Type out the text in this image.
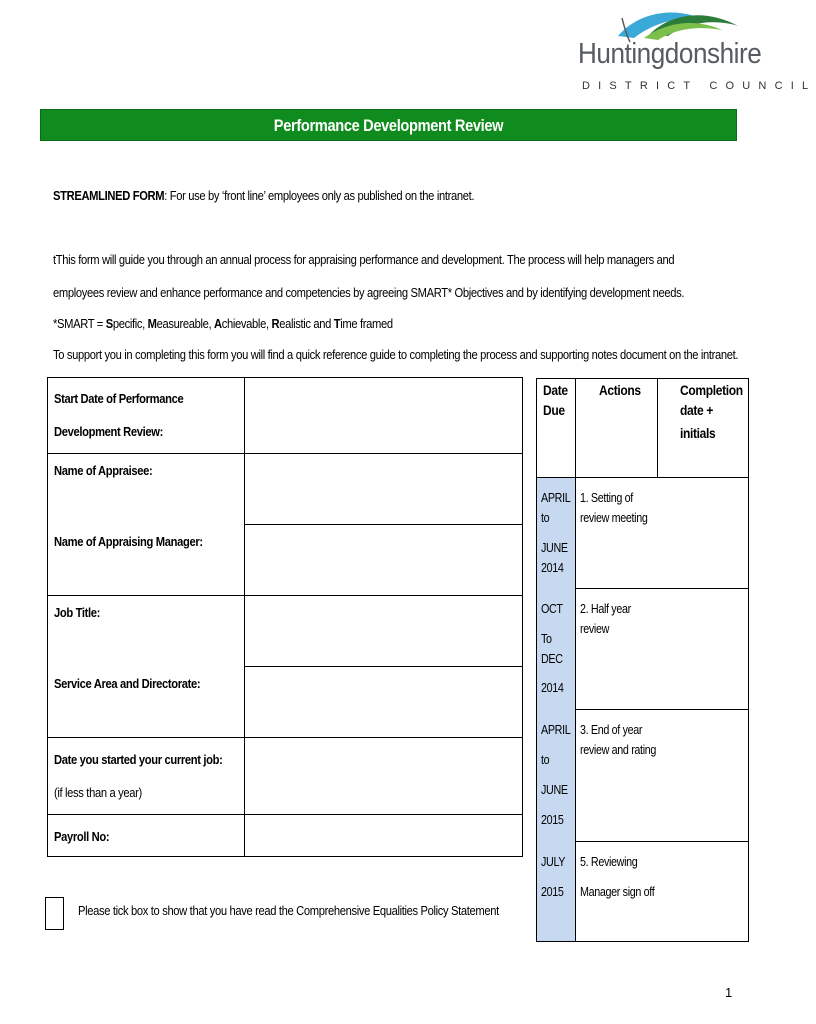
Huntingdonshire
DISTRICT COUNCIL
Performance Development Review
STREAMLINED FORM: For use by ‘front line’ employees only as published on the intranet.
tThis form will guide you through an annual process for appraising performance and development. The process will help managers and
employees review and enhance performance and competencies by agreeing SMART* Objectives and by identifying development needs.
*SMART = Specific, Measureable, Achievable, Realistic and Time framed
To support you in completing this form you will find a quick reference guide to completing the process and supporting notes document on the intranet.
Start Date of Performance
Development Review:
Name of Appraisee:
Name of Appraising Manager:
Job Title:
Service Area and Directorate:
Date you started your current job:
(if less than a year)
Payroll No:
Date
Due
Actions	Completion
date +
initials
APRIL
to
JUNE
2014
1. Setting of
review meeting
OCT
To
DEC
2014
2. Half year
review
APRIL
to
JUNE
2015
3. End of year
review and rating
JULY
2015
5. Reviewing
Manager sign off
Please tick box to show that you have read the Comprehensive Equalities Policy Statement
1
